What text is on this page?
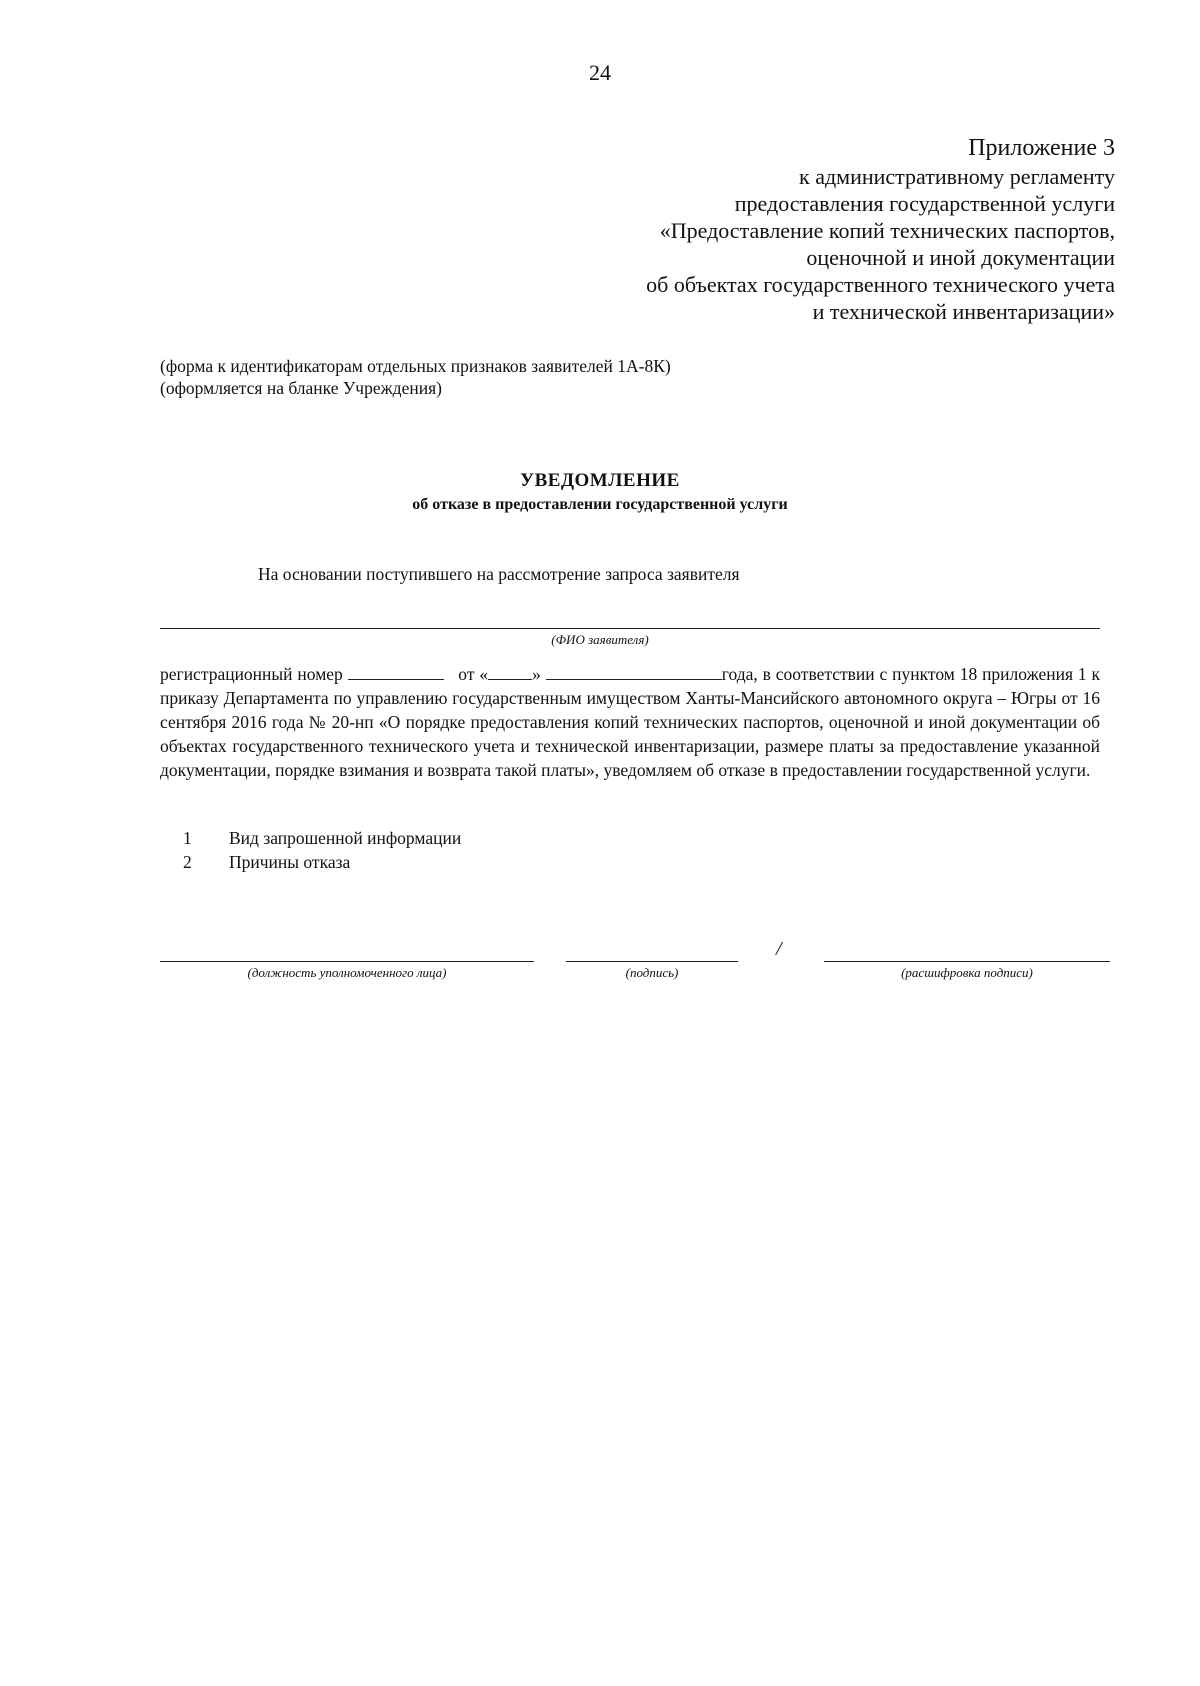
24
Приложение 3
к административному регламенту
предоставления государственной услуги
«Предоставление копий технических паспортов,
оценочной и иной документации
об объектах государственного технического учета
и технической инвентаризации»
(форма к идентификаторам отдельных признаков заявителей 1А-8К)
(оформляется на бланке Учреждения)
УВЕДОМЛЕНИЕ
об отказе в предоставлении государственной услуги
На основании поступившего на рассмотрение запроса заявителя
(ФИО заявителя)
регистрационный номер	от «	»	года, в соответствии с пунктом 18 приложения 1 к приказу Департамента по управлению государственным имуществом Ханты-Мансийского автономного округа – Югры от 16 сентября 2016 года № 20-нп «О порядке предоставления копий технических паспортов, оценочной и иной документации об объектах государственного технического учета и технической инвентаризации, размере платы за предоставление указанной документации, порядке взимания и возврата такой платы», уведомляем об отказе в предоставлении государственной услуги.
1	Вид запрошенной информации
2	Причины отказа
/
(должность уполномоченного лица)	(подпись)	(расшифровка подписи)
